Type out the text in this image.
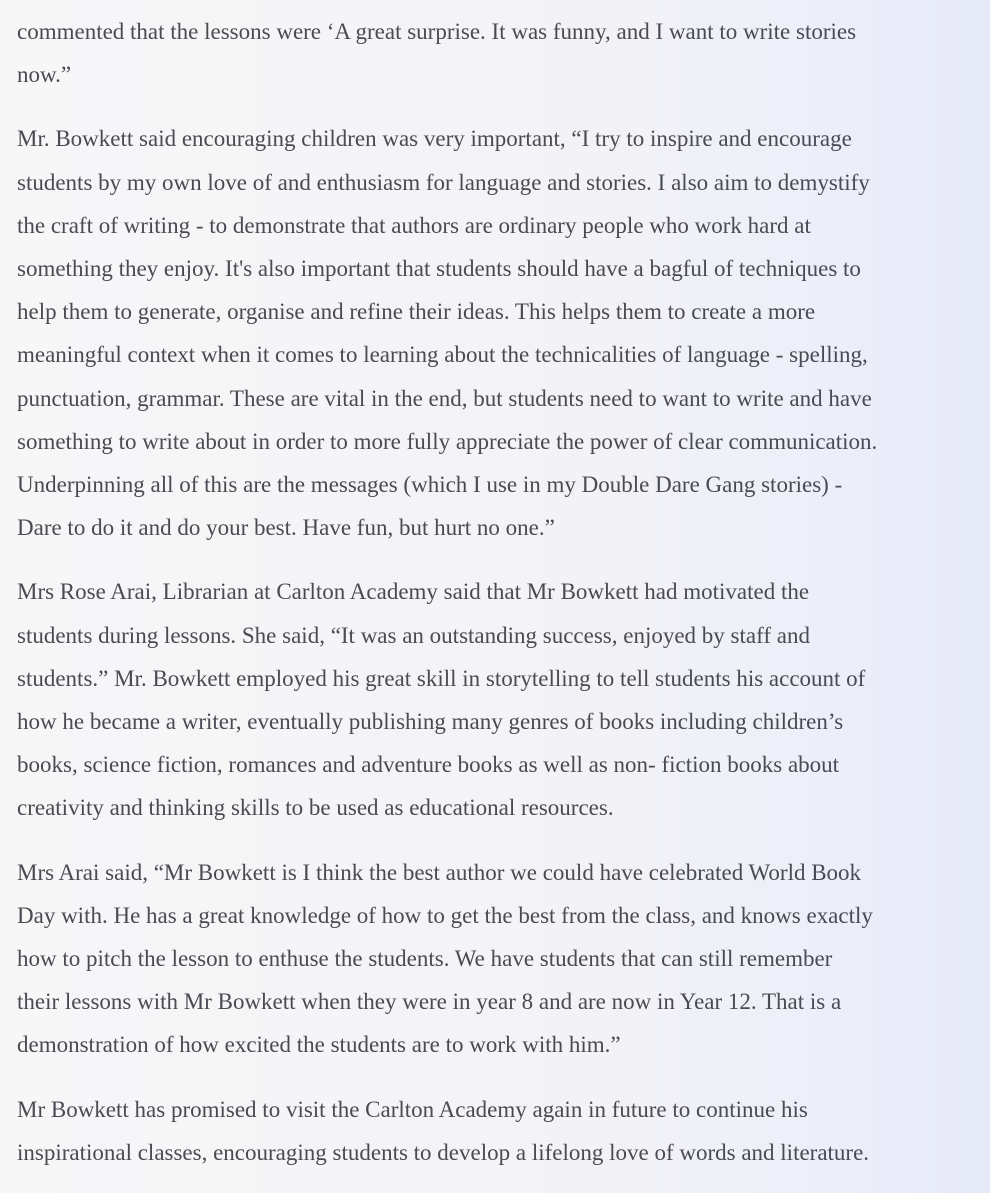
commented that the lessons were ‘A great surprise. It was funny, and I want to write stories
now.”

Mr. Bowkett said encouraging children was very important, “I try to inspire and encourage
students by my own love of and enthusiasm for language and stories. I also aim to demystify
the craft of writing - to demonstrate that authors are ordinary people who work hard at
something they enjoy. It's also important that students should have a bagful of techniques to
help them to generate, organise and refine their ideas. This helps them to create a more
meaningful context when it comes to learning about the technicalities of language - spelling,
punctuation, grammar. These are vital in the end, but students need to want to write and have
something to write about in order to more fully appreciate the power of clear communication.
Underpinning all of this are the messages (which I use in my Double Dare Gang stories) -
Dare to do it and do your best. Have fun, but hurt no one.”

Mrs Rose Arai, Librarian at Carlton Academy said that Mr Bowkett had motivated the
students during lessons. She said, “It was an outstanding success, enjoyed by staff and
students.” Mr. Bowkett employed his great skill in storytelling to tell students his account of
how he became a writer, eventually publishing many genres of books including children’s
books, science fiction, romances and adventure books as well as non- fiction books about
creativity and thinking skills to be used as educational resources.

Mrs Arai said, “Mr Bowkett is I think the best author we could have celebrated World Book
Day with. He has a great knowledge of how to get the best from the class, and knows exactly
how to pitch the lesson to enthuse the students. We have students that can still remember
their lessons with Mr Bowkett when they were in year 8 and are now in Year 12. That is a
demonstration of how excited the students are to work with him.”

Mr Bowkett has promised to visit the Carlton Academy again in future to continue his
inspirational classes, encouraging students to develop a lifelong love of words and literature.
